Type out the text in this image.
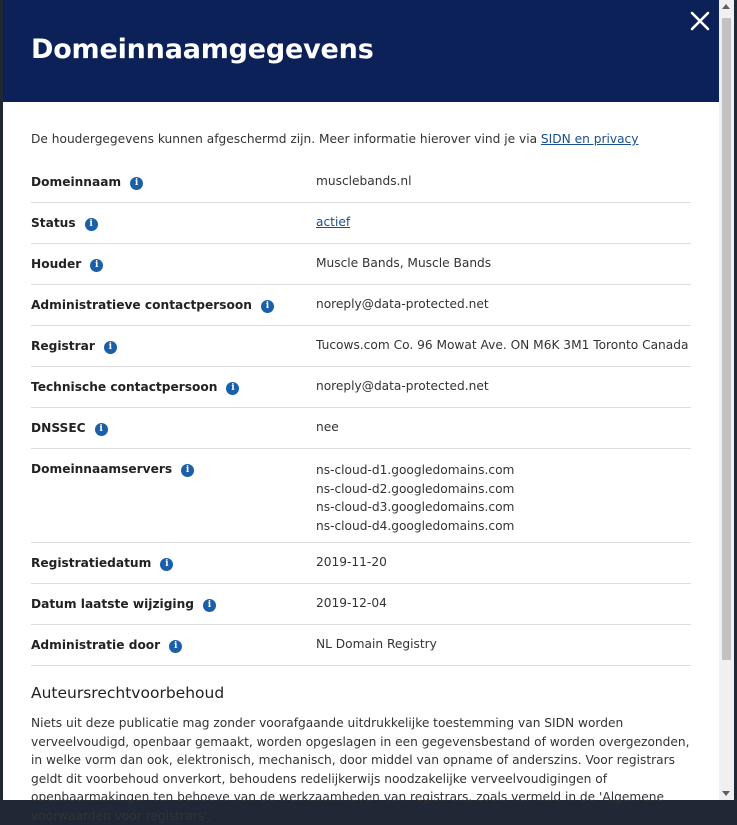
Domeinnaamgegevens

De houdergegevens kunnen afgeschermd zijn. Meer informatie hierover vind je via SIDN en privacy

Domeinnaam	i	musclebands.nl
Status	i	actief
Houder	i	Muscle Bands, Muscle Bands
Administratieve contactpersoon	i	noreply@data-protected.net
Registrar	i	Tucows.com Co. 96 Mowat Ave. ON M6K 3M1 Toronto Canada
Technische contactpersoon	i	noreply@data-protected.net
DNSSEC	i	nee
Domeinnaamservers	i	ns-cloud-d1.googledomains.com
ns-cloud-d2.googledomains.com
ns-cloud-d3.googledomains.com
ns-cloud-d4.googledomains.com
Registratiedatum	i	2019-11-20
Datum laatste wijziging	i	2019-12-04
Administratie door	i	NL Domain Registry
Auteursrechtvoorbehoud

Niets uit deze publicatie mag zonder voorafgaande uitdrukkelijke toestemming van SIDN worden verveelvoudigd, openbaar gemaakt, worden opgeslagen in een gegevensbestand of worden overgezonden, in welke vorm dan ook, elektronisch, mechanisch, door middel van opname of anderszins. Voor registrars geldt dit voorbehoud onverkort, behoudens redelijkerwijs noodzakelijke verveelvoudigingen of openbaarmakingen ten behoeve van de werkzaamheden van registrars, zoals vermeld in de 'Algemene voorwaarden voor registrars'.
